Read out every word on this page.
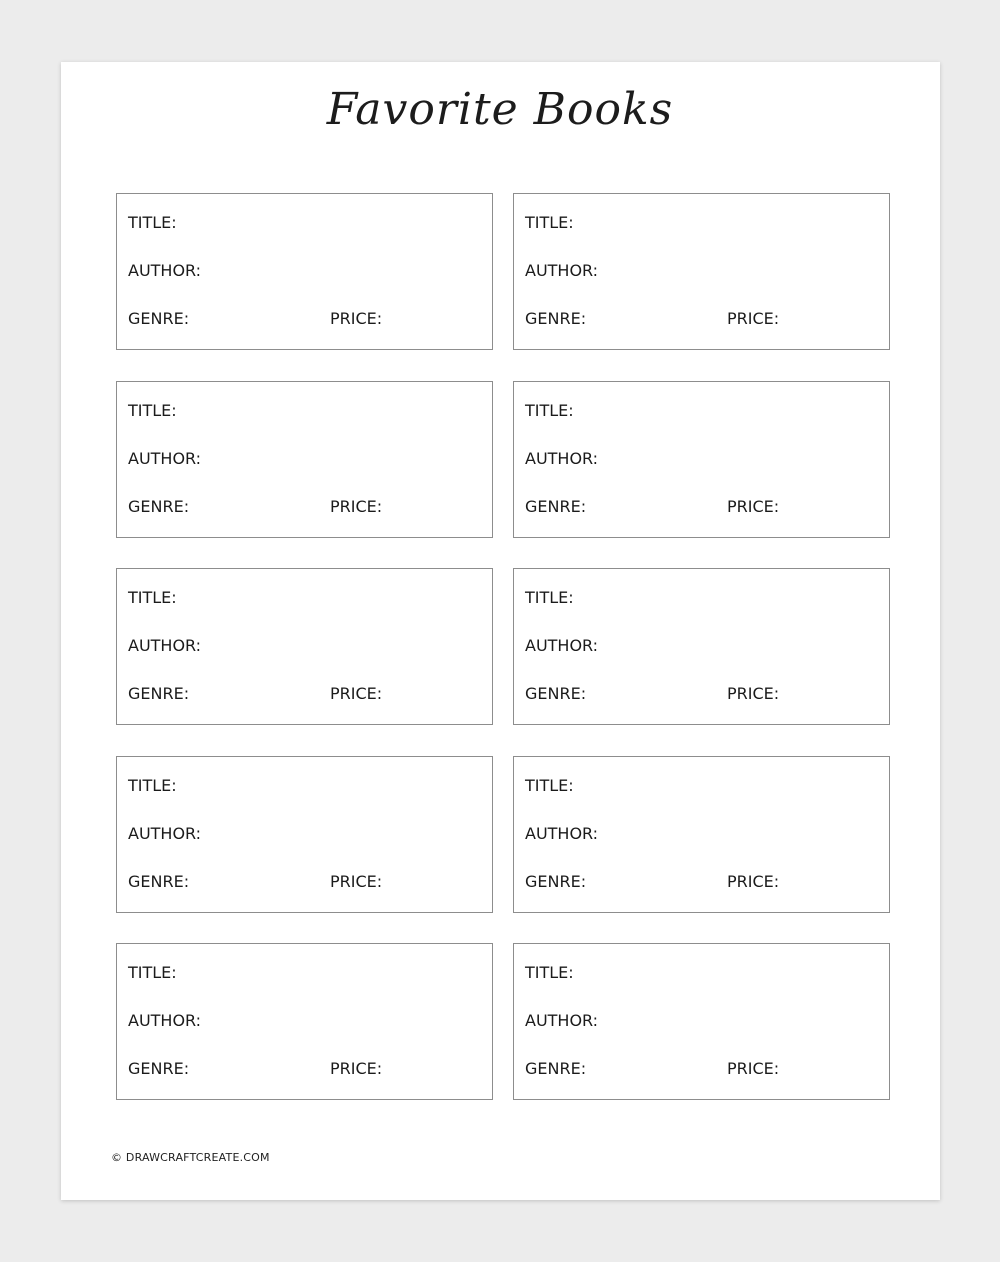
Favorite Books
TITLE:
AUTHOR:
GENRE:	PRICE:
TITLE:
AUTHOR:
GENRE:	PRICE:
TITLE:
AUTHOR:
GENRE:	PRICE:
TITLE:
AUTHOR:
GENRE:	PRICE:
TITLE:
AUTHOR:
GENRE:	PRICE:
TITLE:
AUTHOR:
GENRE:	PRICE:
TITLE:
AUTHOR:
GENRE:	PRICE:
TITLE:
AUTHOR:
GENRE:	PRICE:
TITLE:
AUTHOR:
GENRE:	PRICE:
TITLE:
AUTHOR:
GENRE:	PRICE:
© DRAWCRAFTCREATE.COM
